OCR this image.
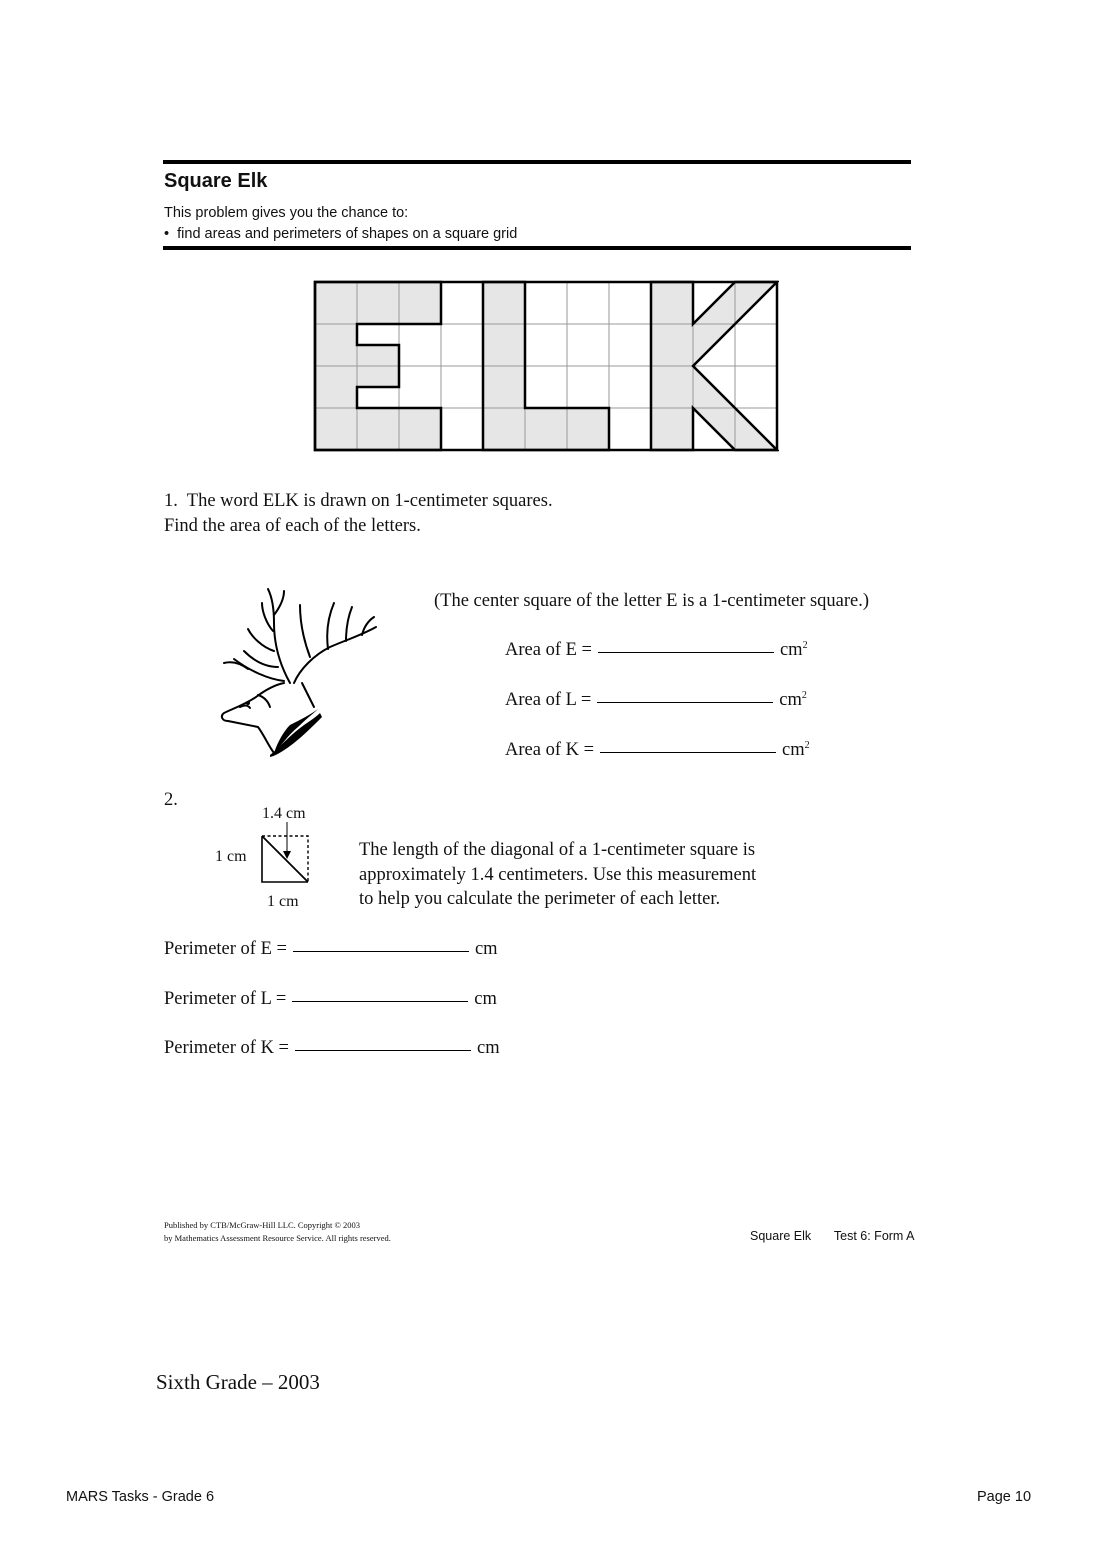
Square Elk
This problem gives you the chance to:
• find areas and perimeters of shapes on a square grid
1. The word ELK is drawn on 1-centimeter squares.
Find the area of each of the letters.
(The center square of the letter E is a 1-centimeter square.)
Area of E =	$cm^2$
Area of L =	$cm^2$
Area of K =	$cm^2$
2.
1.4 cm
1 cm
1 cm
The length of the diagonal of a 1-centimeter square is
approximately 1.4 centimeters. Use this measurement
to help you calculate the perimeter of each letter.
Perimeter of E =	cm
Perimeter of L =	cm
Perimeter of K =	cm
Published by CTB/McGraw-Hill LLC. Copyright © 2003
by Mathematics Assessment Resource Service. All rights reserved.	Square Elk Test 6: Form A
Sixth Grade – 2003
MARS Tasks - Grade 6	Page 10
